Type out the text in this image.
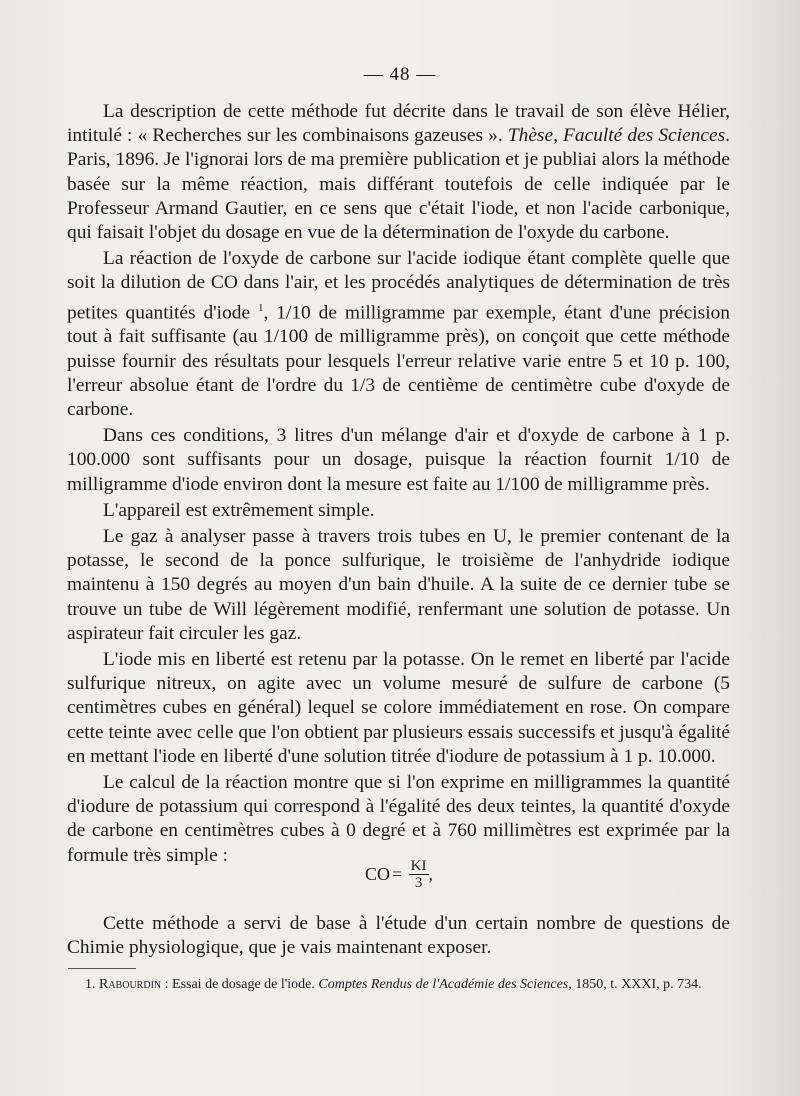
— 48 —

La description de cette méthode fut décrite dans le travail de son élève Hélier, intitulé : « Recherches sur les combinaisons gazeuses ». Thèse, Faculté des Sciences. Paris, 1896. Je l'ignorai lors de ma première publication et je publiai alors la méthode basée sur la même réaction, mais différant toutefois de celle indiquée par le Professeur Armand Gautier, en ce sens que c'était l'iode, et non l'acide carbonique, qui faisait l'objet du dosage en vue de la détermination de l'oxyde du carbone.

La réaction de l'oxyde de carbone sur l'acide iodique étant complète quelle que soit la dilution de CO dans l'air, et les procédés analytiques de détermination de très petites quantités d'iode $^1$, 1/10 de milligramme par exemple, étant d'une précision tout à fait suffisante (au 1/100 de milligramme près), on conçoit que cette méthode puisse fournir des résultats pour lesquels l'erreur relative varie entre 5 et 10 p. 100, l'erreur absolue étant de l'ordre du 1/3 de centième de centimètre cube d'oxyde de carbone.

Dans ces conditions, 3 litres d'un mélange d'air et d'oxyde de carbone à 1 p. 100.000 sont suffisants pour un dosage, puisque la réaction fournit 1/10 de milligramme d'iode environ dont la mesure est faite au 1/100 de milligramme près.

L'appareil est extrêmement simple.

Le gaz à analyser passe à travers trois tubes en U, le premier contenant de la potasse, le second de la ponce sulfurique, le troisième de l'anhydride iodique maintenu à 150 degrés au moyen d'un bain d'huile. A la suite de ce dernier tube se trouve un tube de Will légèrement modifié, renfermant une solution de potasse. Un aspirateur fait circuler les gaz.

L'iode mis en liberté est retenu par la potasse. On le remet en liberté par l'acide sulfurique nitreux, on agite avec un volume mesuré de sulfure de carbone (5 centimètres cubes en général) lequel se colore immédiatement en rose. On compare cette teinte avec celle que l'on obtient par plusieurs essais successifs et jusqu'à égalité en mettant l'iode en liberté d'une solution titrée d'iodure de potassium à 1 p. 10.000.

Le calcul de la réaction montre que si l'on exprime en milligrammes la quantité d'iodure de potassium qui correspond à l'égalité des deux teintes, la quantité d'oxyde de carbone en centimètres cubes à 0 degré et à 760 millimètres est exprimée par la formule très simple :

CO = $\frac{KI}{3}$ ,

Cette méthode a servi de base à l'étude d'un certain nombre de questions de Chimie physiologique, que je vais maintenant exposer.

1. Rabourdin : Essai de dosage de l'iode. Comptes Rendus de l'Académie des Sciences, 1850, t. XXXI, p. 734.
